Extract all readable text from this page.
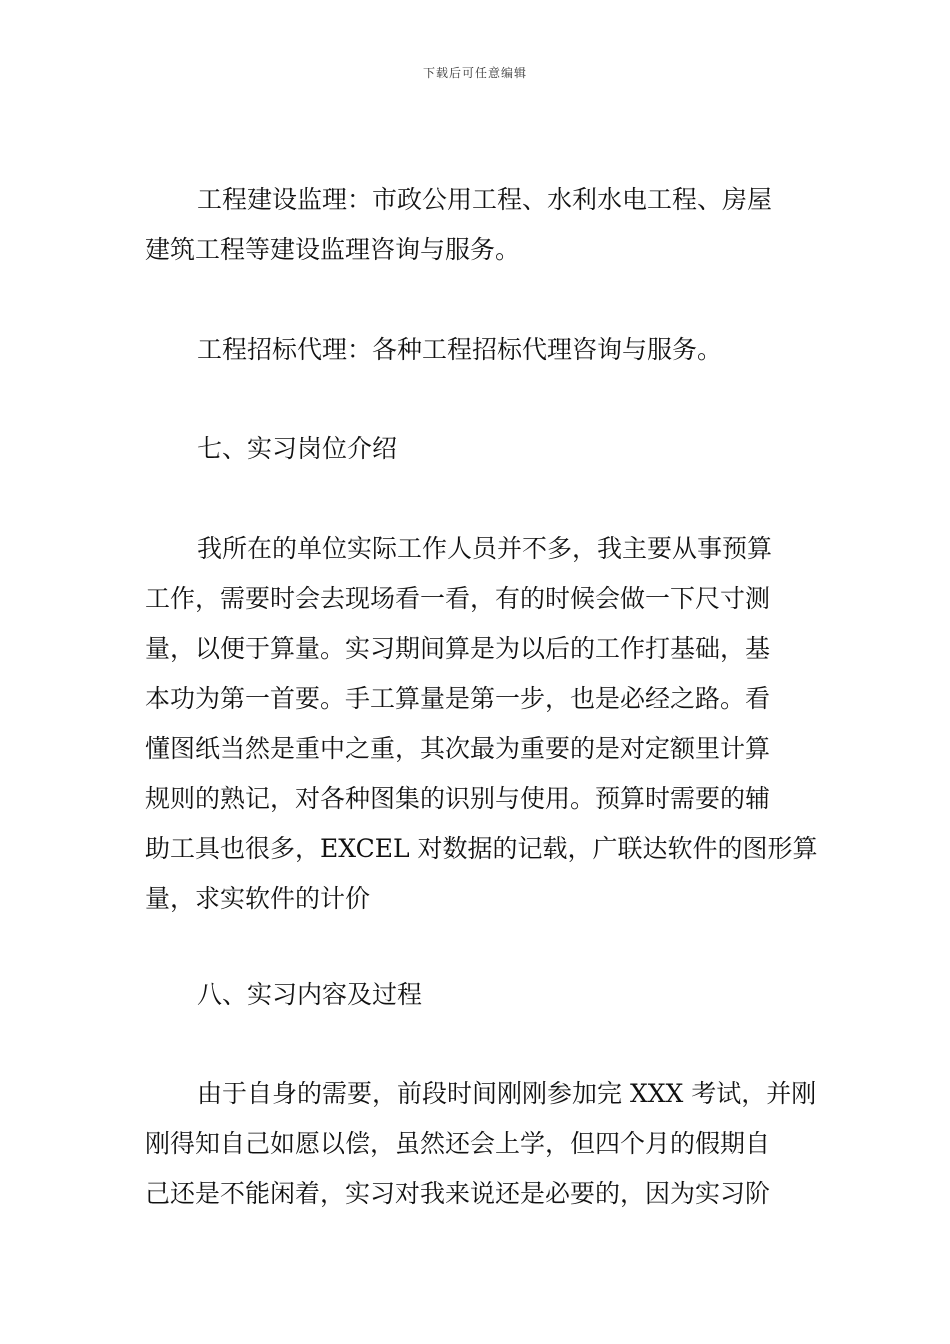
下载后可任意编辑
工程建设监理：市政公用工程、水利水电工程、房屋
建筑工程等建设监理咨询与服务。
工程招标代理：各种工程招标代理咨询与服务。
七、实习岗位介绍
我所在的单位实际工作人员并不多，我主要从事预算
工作，需要时会去现场看一看，有的时候会做一下尺寸测
量，以便于算量。实习期间算是为以后的工作打基础，基
本功为第一首要。手工算量是第一步，也是必经之路。看
懂图纸当然是重中之重，其次最为重要的是对定额里计算
规则的熟记，对各种图集的识别与使用。预算时需要的辅
助工具也很多，EXCEL 对数据的记载，广联达软件的图形算
量，求实软件的计价
八、实习内容及过程
由于自身的需要，前段时间刚刚参加完 XXX 考试，并刚
刚得知自己如愿以偿，虽然还会上学，但四个月的假期自
己还是不能闲着，实习对我来说还是必要的，因为实习阶
